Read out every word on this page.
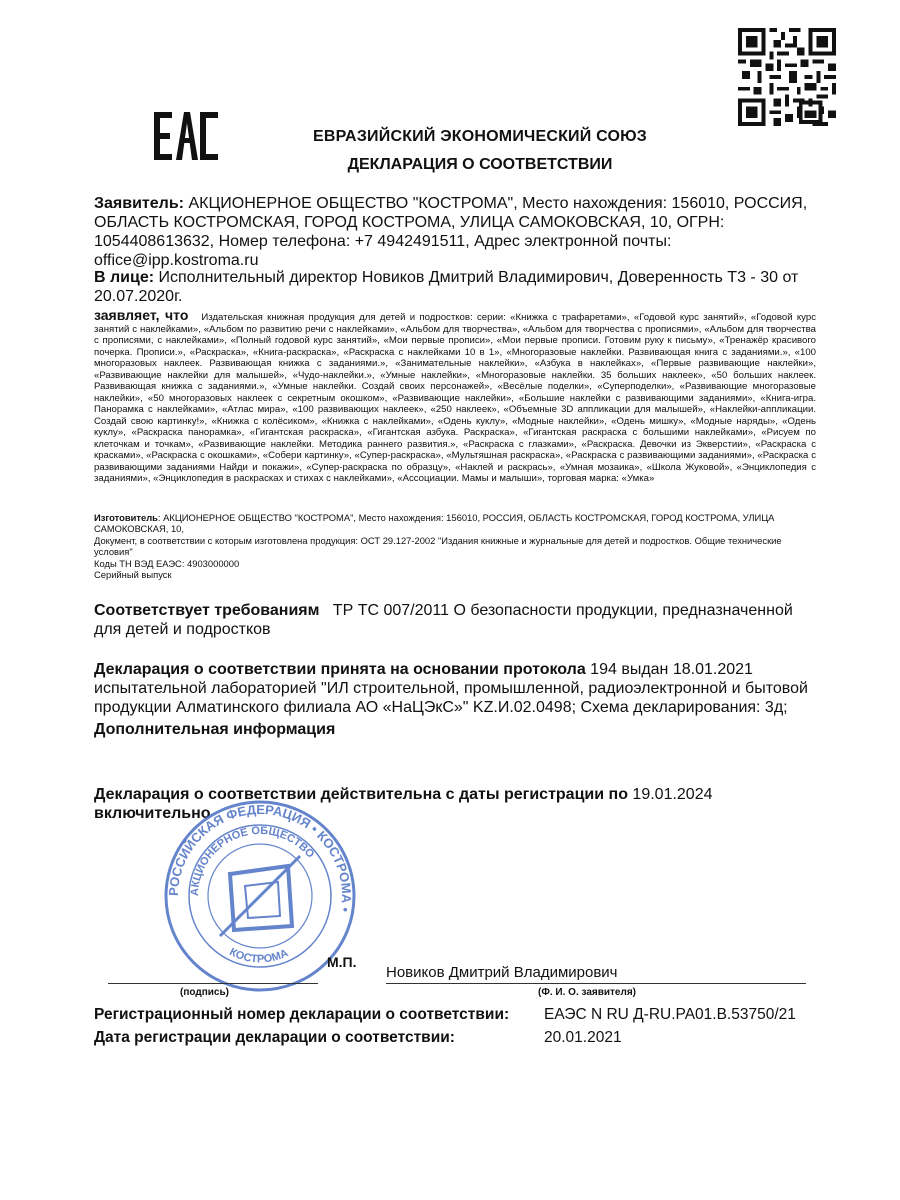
ЕВРАЗИЙСКИЙ ЭКОНОМИЧЕСКИЙ СОЮЗ
ДЕКЛАРАЦИЯ О СООТВЕТСТВИИ
Заявитель: АКЦИОНЕРНОЕ ОБЩЕСТВО "КОСТРОМА", Место нахождения: 156010, РОССИЯ, ОБЛАСТЬ КОСТРОМСКАЯ, ГОРОД КОСТРОМА, УЛИЦА САМОКОВСКАЯ, 10, ОГРН: 1054408613632, Номер телефона: +7 4942491511, Адрес электронной почты: office@ipp.kostroma.ru
В лице: Исполнительный директор Новиков Дмитрий Владимирович, Доверенность Т3 - 30 от 20.07.2020г.
заявляет, что Издательская книжная продукция для детей и подростков: серии: «Книжка с трафаретами», «Годовой курс занятий», «Годовой курс занятий с наклейками», «Альбом по развитию речи с наклейками», «Альбом для творчества», «Альбом для творчества с прописями», «Альбом для творчества с прописями, с наклейками», «Полный годовой курс занятий», «Мои первые прописи», «Мои первые прописи. Готовим руку к письму», «Тренажёр красивого почерка. Прописи.», «Раскраска», «Книга-раскраска», «Раскраска с наклейками 10 в 1», «Многоразовые наклейки. Развивающая книга с заданиями.», «100 многоразовых наклеек. Развивающая книжка с заданиями.», «Занимательные наклейки», «Азбука в наклейках», «Первые развивающие наклейки», «Развивающие наклейки для малышей», «Чудо-наклейки.», «Умные наклейки», «Многоразовые наклейки. 35 больших наклеек», «50 больших наклеек. Развивающая книжка с заданиями.», «Умные наклейки. Создай своих персонажей», «Весёлые поделки», «Суперподелки», «Развивающие многоразовые наклейки», «50 многоразовых наклеек с секретным окошком», «Развивающие наклейки», «Большие наклейки с развивающими заданиями», «Книга-игра. Панорамка с наклейками», «Атлас мира», «100 развивающих наклеек», «250 наклеек», «Объемные 3D аппликации для малышей», «Наклейки-аппликации. Создай свою картинку!», «Книжка с колёсиком», «Книжка с наклейками», «Одень куклу», «Модные наклейки», «Одень мишку», «Модные наряды», «Одень куклу», «Раскраска панорамка», «Гигантская раскраска», «Гигантская азбука. Раскраска», «Гигантская раскраска с большими наклейками», «Рисуем по клеточкам и точкам», «Развивающие наклейки. Методика раннего развития.», «Раскраска с глазками», «Раскраска. Девочки из Экверстии», «Раскраска с красками», «Раскраска с окошками», «Собери картинку», «Супер-раскраска», «Мультяшная раскраска», «Раскраска с развивающими заданиями», «Раскраска с развивающими заданиями Найди и покажи», «Супер-раскраска по образцу», «Наклей и раскрась», «Умная мозаика», «Школа Жуковой», «Энциклопедия с заданиями», «Энциклопедия в раскрасках и стихах с наклейками», «Ассоциации. Мамы и малыши», торговая марка: «Умка»
Изготовитель: АКЦИОНЕРНОЕ ОБЩЕСТВО "КОСТРОМА", Место нахождения: 156010, РОССИЯ, ОБЛАСТЬ КОСТРОМСКАЯ, ГОРОД КОСТРОМА, УЛИЦА САМОКОВСКАЯ, 10,
Документ, в соответствии с которым изготовлена продукция: ОСТ 29.127-2002 "Издания книжные и журнальные для детей и подростков. Общие технические условия"
Коды ТН ВЭД ЕАЭС: 4903000000
Серийный выпуск
Соответствует требованиям ТР ТС 007/2011 О безопасности продукции, предназначенной для детей и подростков
Декларация о соответствии принята на основании протокола 194 выдан 18.01.2021 испытательной лабораторией "ИЛ строительной, промышленной, радиоэлектронной и бытовой продукции Алматинского филиала АО «НаЦЭкС»" KZ.И.02.0498; Схема декларирования: 3д;
Дополнительная информация
Декларация о соответствии действительна с даты регистрации по 19.01.2024
включительно
РОССИЙСКАЯ ФЕДЕРАЦИЯ • КОСТРОМА •
АКЦИОНЕРНОЕ ОБЩЕСТВО
КОСТРОМА	М.П.
Новиков Дмитрий Владимирович
(подпись)	(Ф. И. О. заявителя)
Регистрационный номер декларации о соответствии: ЕАЭС N RU Д-RU.PA01.B.53750/21
Дата регистрации декларации о соответствии:	20.01.2021
